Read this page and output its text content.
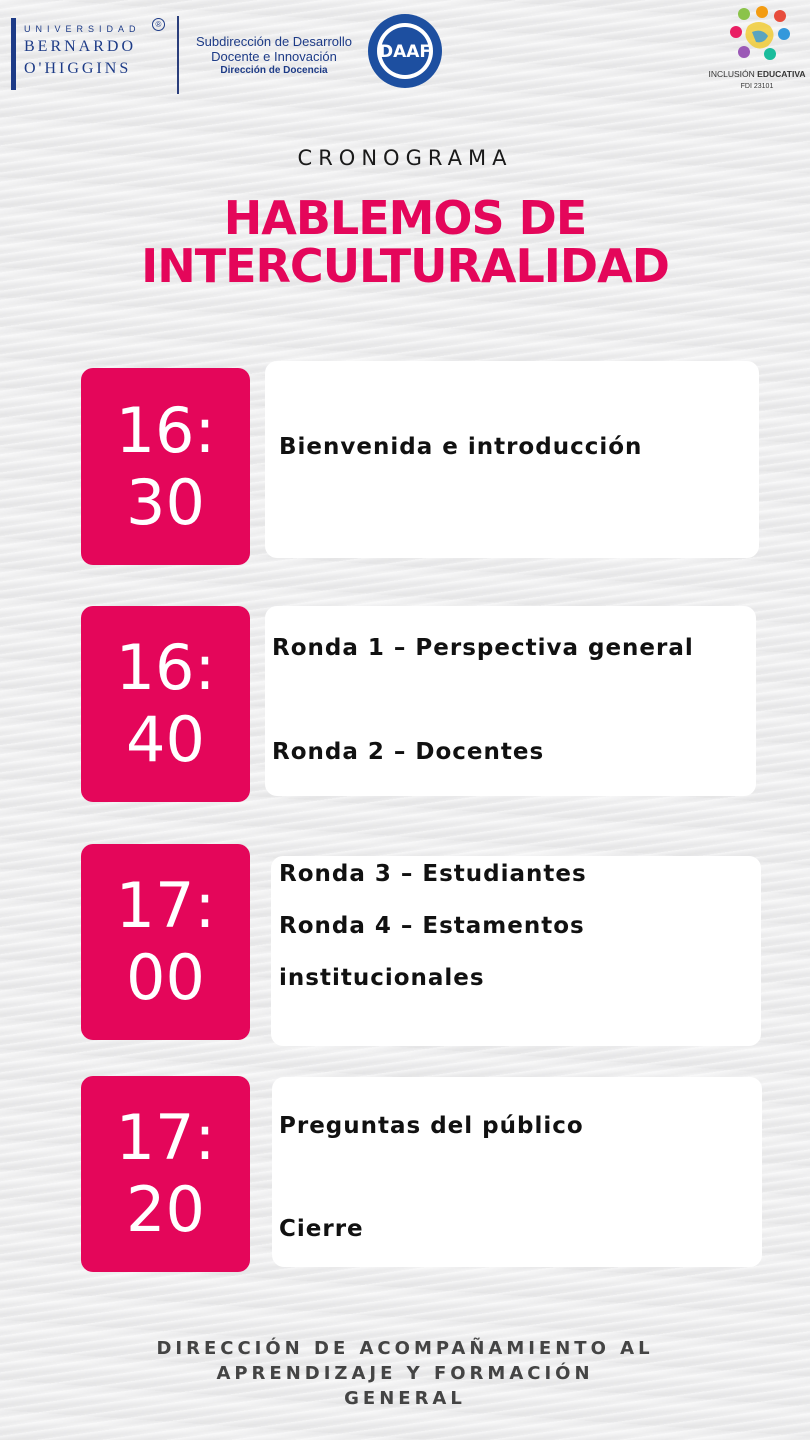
UNIVERSIDAD
BERNARDO
O'HIGGINS
®
Subdirección de Desarrollo
Docente e Innovación
Dirección de Docencia
DAAF
INCLUSIÓN EDUCATIVA
FDI 23101
CRONOGRAMA
HABLEMOS DE
INTERCULTURALIDAD
16:
30
Bienvenida e introducción
16:
40
Ronda 1 – Perspectiva general
Ronda 2 – Docentes
17:
00
Ronda 3 – Estudiantes
Ronda 4 – Estamentos
institucionales
17:
20
Preguntas del público
Cierre
DIRECCIÓN DE ACOMPAÑAMIENTO AL
APRENDIZAJE Y FORMACIÓN
GENERAL
